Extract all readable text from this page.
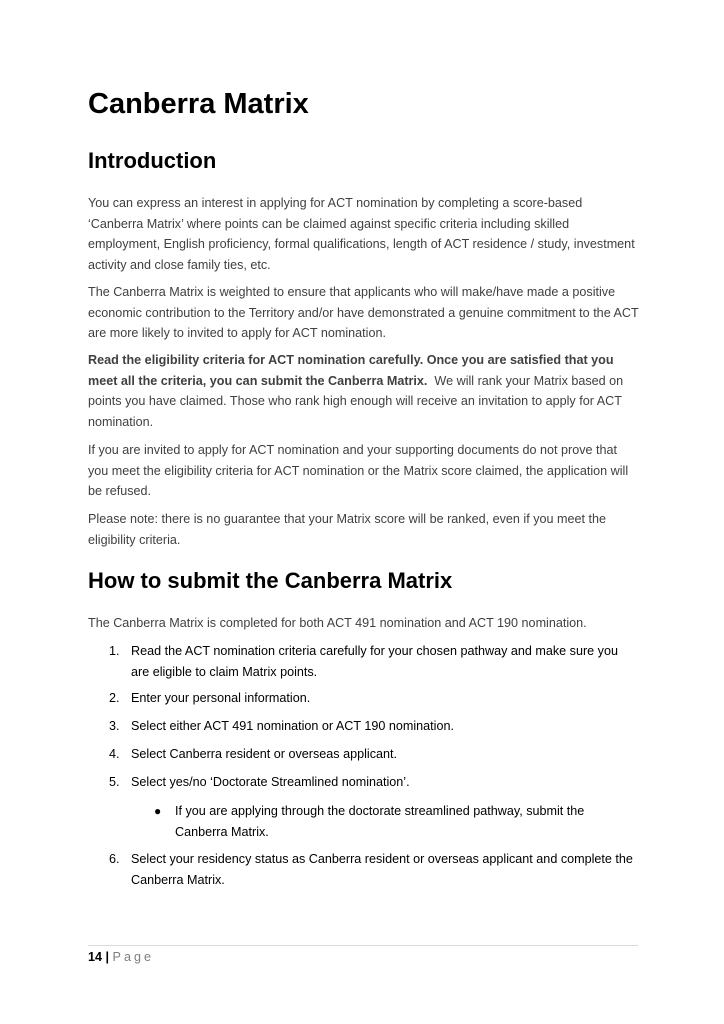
Canberra Matrix
Introduction

You can express an interest in applying for ACT nomination by completing a score-based ‘Canberra Matrix’ where points can be claimed against specific criteria including skilled employment, English proficiency, formal qualifications, length of ACT residence / study, investment activity and close family ties, etc.

The Canberra Matrix is weighted to ensure that applicants who will make/have made a positive economic contribution to the Territory and/or have demonstrated a genuine commitment to the ACT are more likely to invited to apply for ACT nomination.

Read the eligibility criteria for ACT nomination carefully. Once you are satisfied that you meet all the criteria, you can submit the Canberra Matrix.  We will rank your Matrix based on points you have claimed. Those who rank high enough will receive an invitation to apply for ACT nomination.

If you are invited to apply for ACT nomination and your supporting documents do not prove that you meet the eligibility criteria for ACT nomination or the Matrix score claimed, the application will be refused.

Please note: there is no guarantee that your Matrix score will be ranked, even if you meet the eligibility criteria.

How to submit the Canberra Matrix

The Canberra Matrix is completed for both ACT 491 nomination and ACT 190 nomination.

1. Read the ACT nomination criteria carefully for your chosen pathway and make sure you are eligible to claim Matrix points.
2. Enter your personal information.
3. Select either ACT 491 nomination or ACT 190 nomination.
4. Select Canberra resident or overseas applicant.
5. Select yes/no ‘Doctorate Streamlined nomination’.
●	If you are applying through the doctorate streamlined pathway, submit the Canberra Matrix.
6. Select your residency status as Canberra resident or overseas applicant and complete the Canberra Matrix.
14 | Page
